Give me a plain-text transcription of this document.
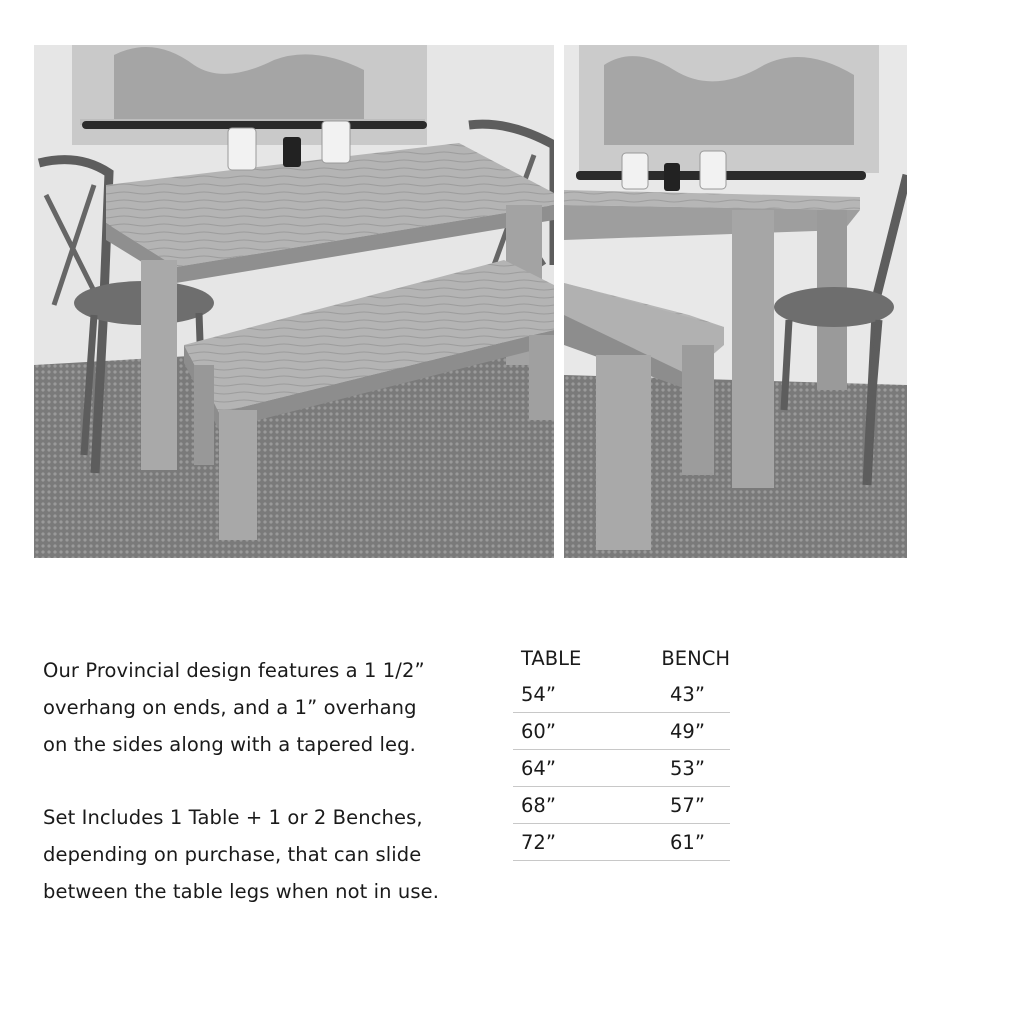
Our Provincial design features a 1 1/2”
overhang on ends, and a 1” overhang
on the sides along with a tapered leg.

Set Includes 1 Table + 1 or 2 Benches,
depending on purchase, that can slide
between the table legs when not in use.

TABLE	BENCH
54”	43”
60”	49”
64”	53”
68”	57”
72”	61”
